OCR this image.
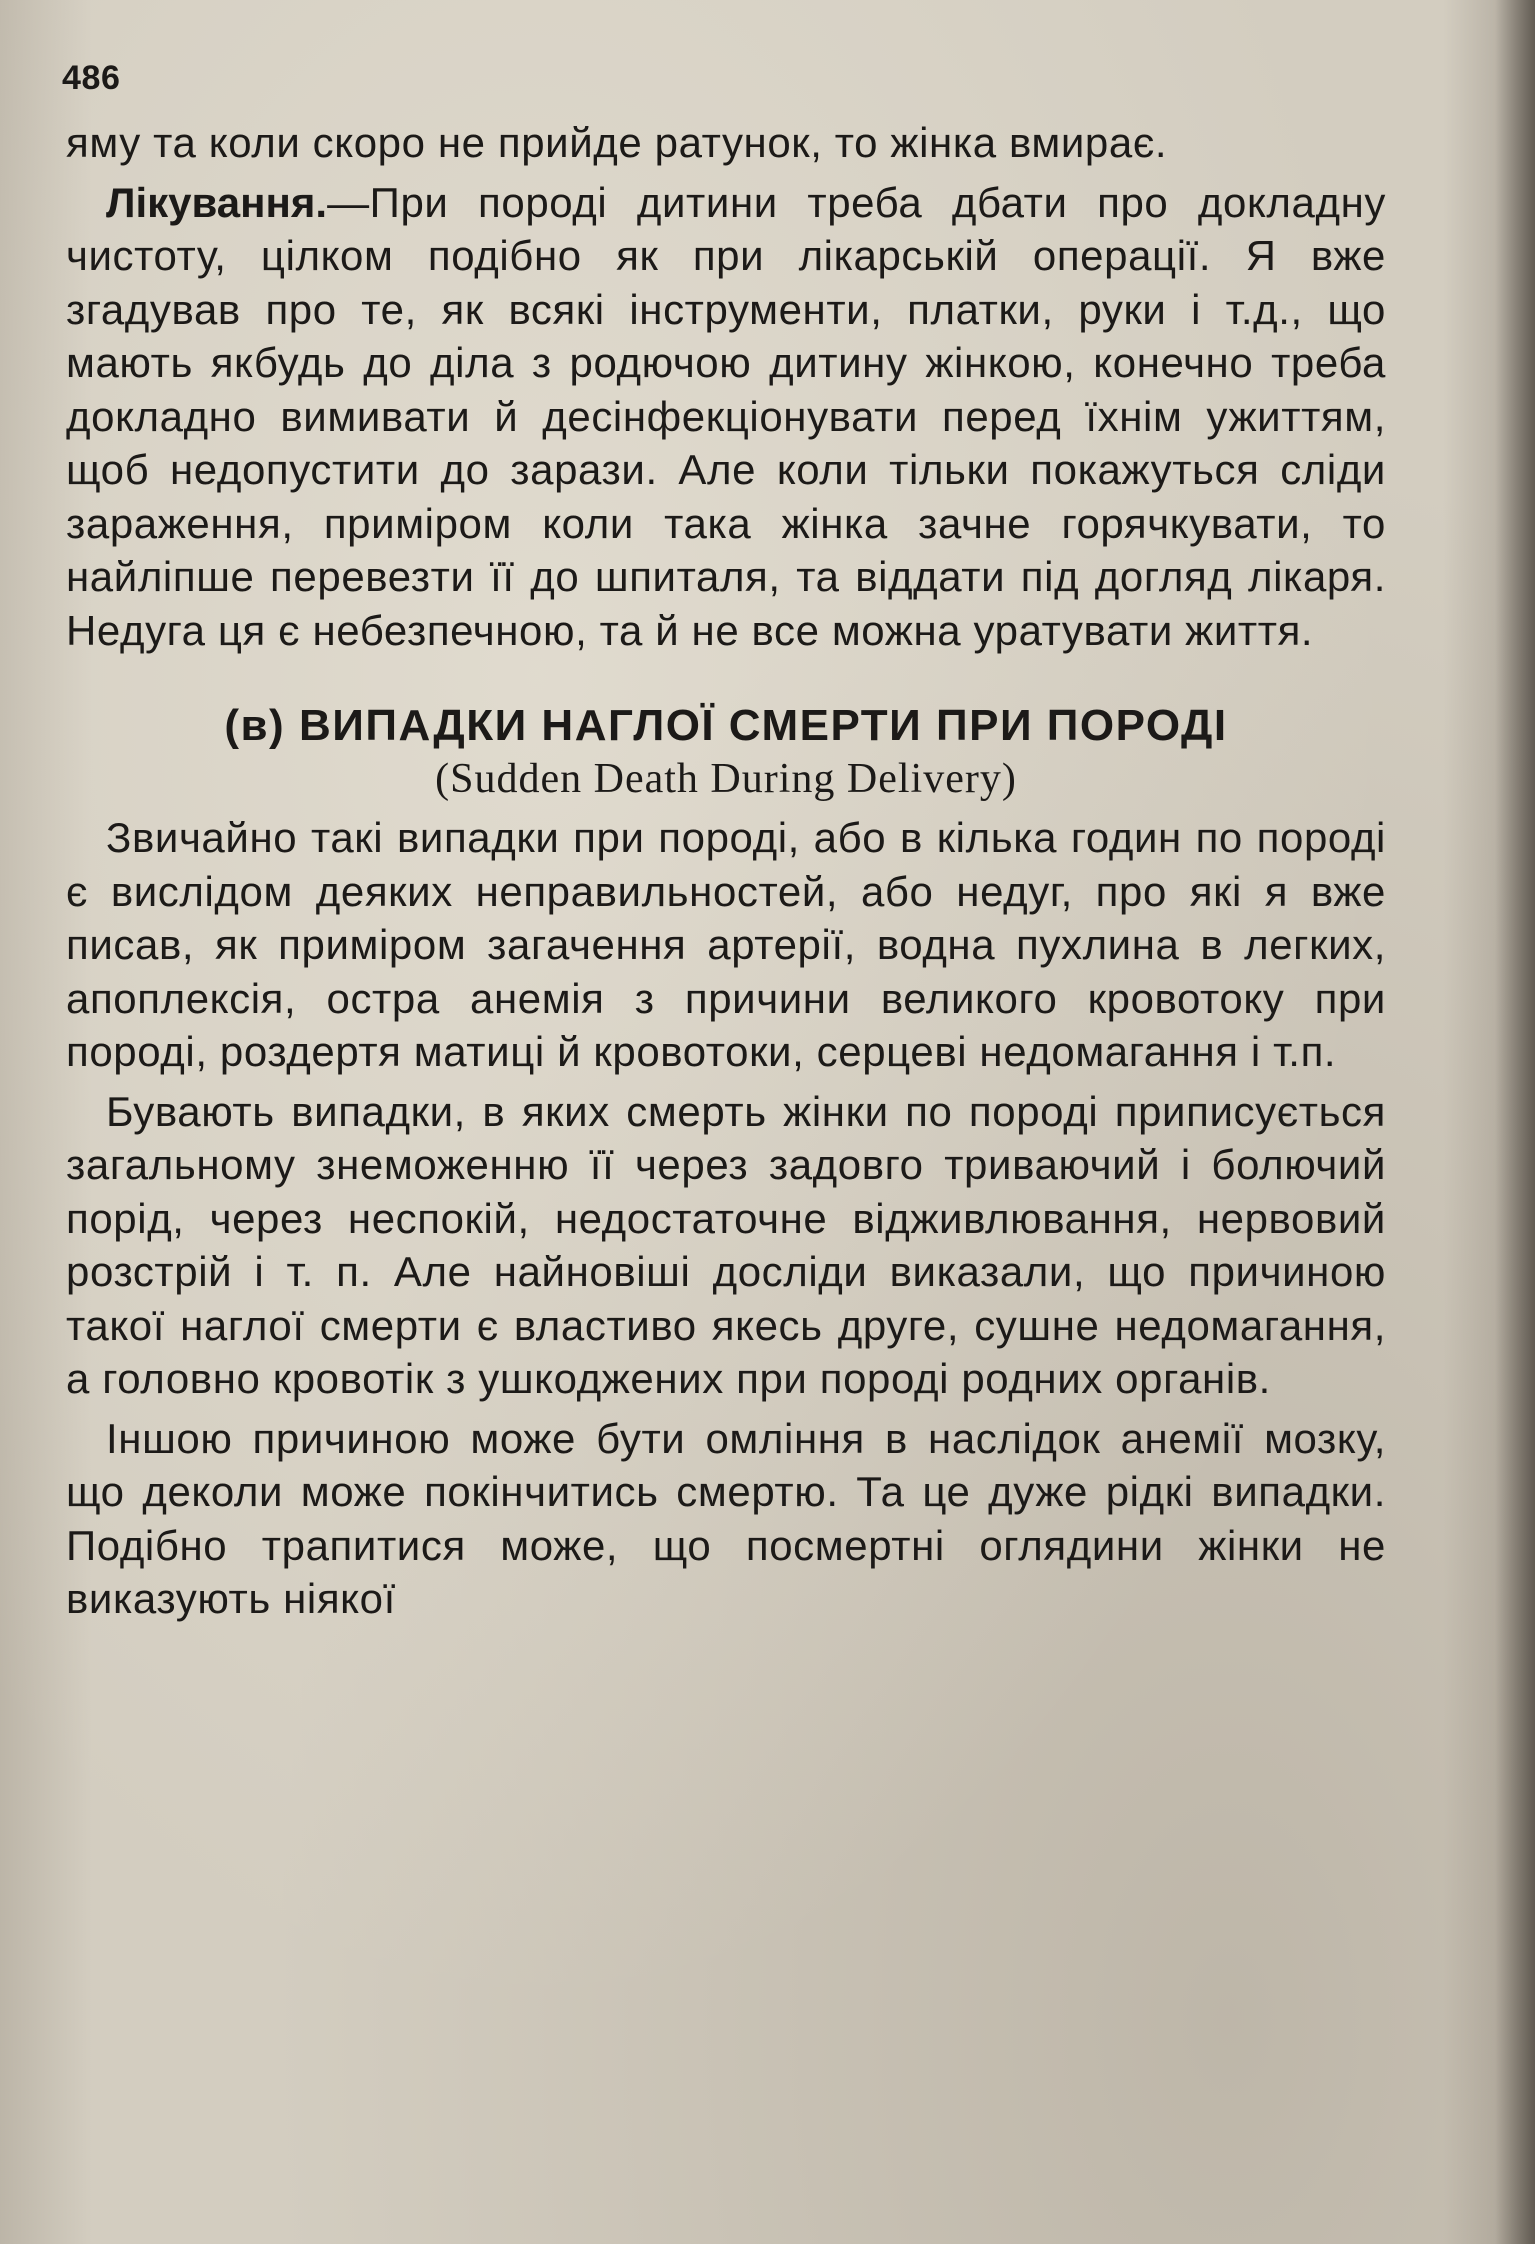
486

яму та коли скоро не прийде ратунок, то жінка вмирає.

Лікування.—При породі дитини треба дбати про докладну чистоту, цілком подібно як при лікарській операції. Я вже згадував про те, як всякі інструменти, платки, руки і т.д., що мають якбудь до діла з родючою дитину жінкою, конечно треба докладно вимивати й десінфекціонувати перед їхнім ужиттям, щоб недопустити до зарази. Але коли тільки покажуться сліди зараження, приміром коли така жінка зачне горячкувати, то найліпше перевезти її до шпиталя, та віддати під догляд лікаря. Недуга ця є небезпечною, та й не все можна уратувати життя.

(в) ВИПАДКИ НАГЛОЇ СМЕРТИ ПРИ ПОРОДІ
(Sudden Death During Delivery)

Звичайно такі випадки при породі, або в кілька годин по породі є вислідом деяких неправильностей, або недуг, про які я вже писав, як приміром загачення артерії, водна пухлина в легких, апоплексія, остра анемія з причини великого кровотоку при породі, роздертя матиці й кровотоки, серцеві недомагання і т.п.

Бувають випадки, в яких смерть жінки по породі приписується загальному знеможенню її через задовго триваючий і болючий порід, через неспокій, недостаточне відживлювання, нервовий розстрій і т. п. Але найновіші досліди виказали, що причиною такої наглої смерти є властиво якесь друге, сушне недомагання, а головно кровотік з ушкоджених при породі родних органів.

Іншою причиною може бути омління в наслідок анемії мозку, що деколи може покінчитись смертю. Та це дуже рідкі випадки. Подібно трапитися може, що посмертні оглядини жінки не виказують ніякої
